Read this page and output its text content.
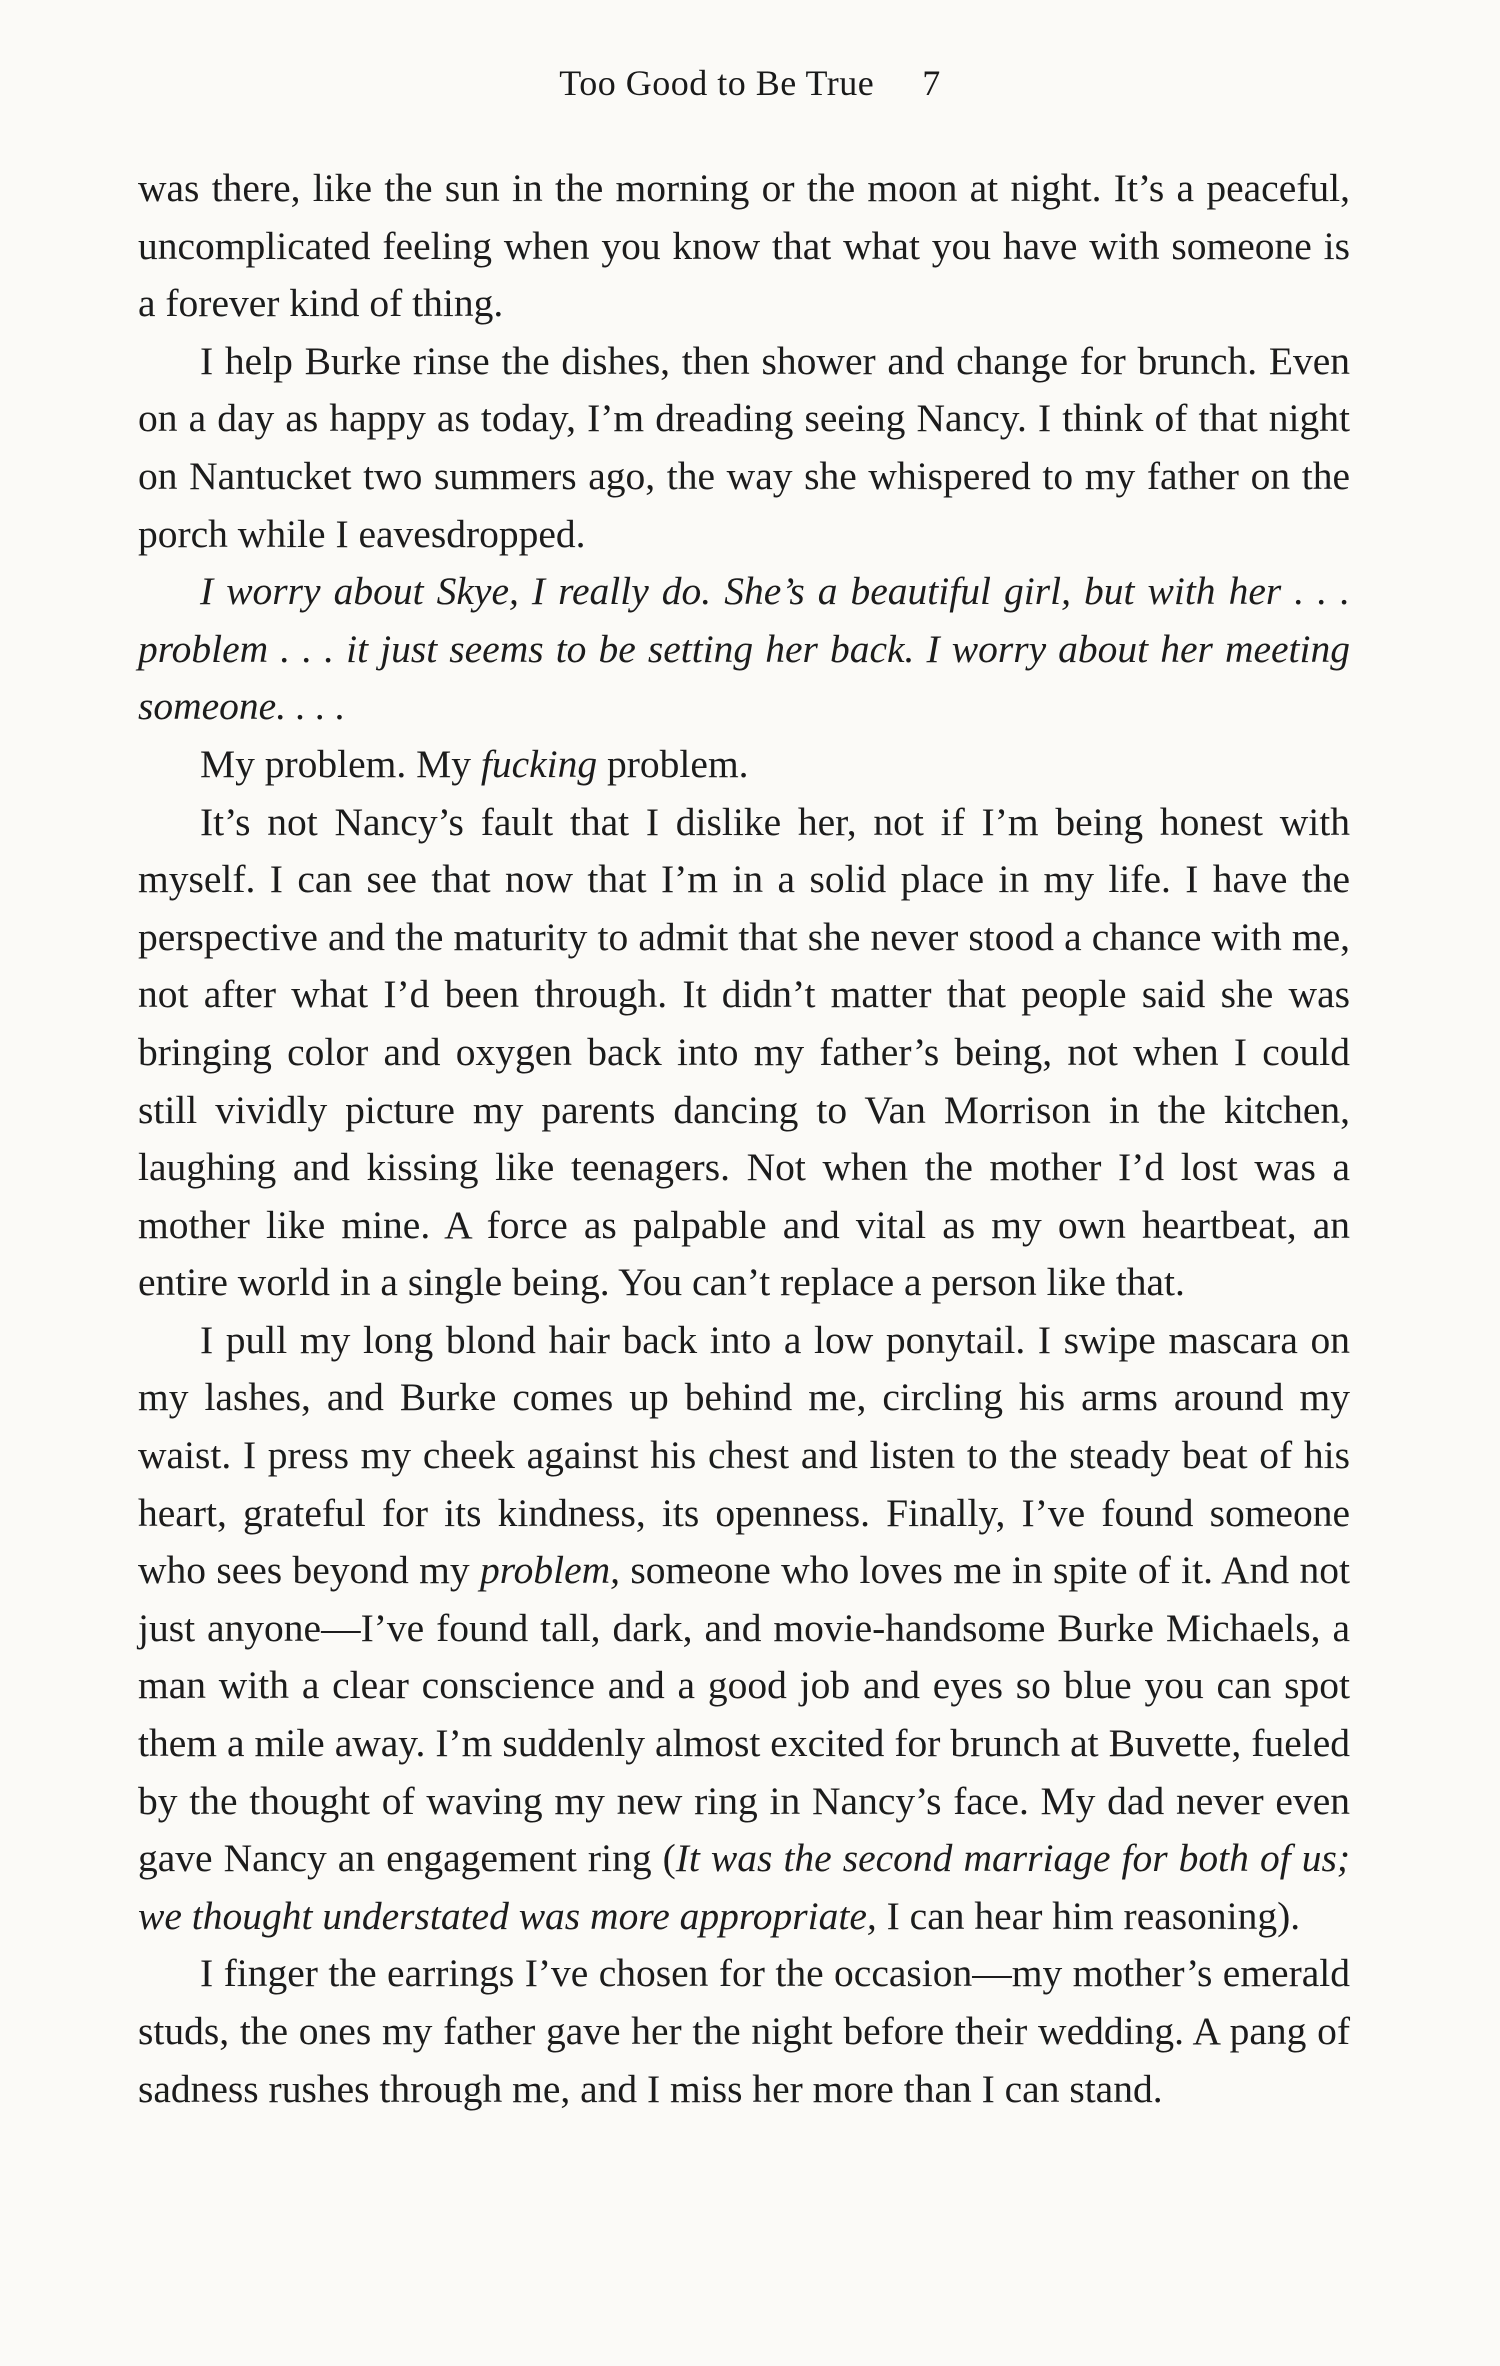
Too Good to Be True 7

was there, like the sun in the morning or the moon at night. It’s a peaceful, uncomplicated feeling when you know that what you have with someone is a forever kind of thing.

I help Burke rinse the dishes, then shower and change for brunch. Even on a day as happy as today, I’m dreading seeing Nancy. I think of that night on Nantucket two summers ago, the way she whispered to my father on the porch while I eavesdropped.

I worry about Skye, I really do. She’s a beautiful girl, but with her . . . problem . . . it just seems to be setting her back. I worry about her meeting someone. . . .

My problem. My fucking problem.

It’s not Nancy’s fault that I dislike her, not if I’m being honest with myself. I can see that now that I’m in a solid place in my life. I have the perspective and the maturity to admit that she never stood a chance with me, not after what I’d been through. It didn’t matter that people said she was bringing color and oxygen back into my father’s being, not when I could still vividly picture my parents dancing to Van Morrison in the kitchen, laughing and kissing like teenagers. Not when the mother I’d lost was a mother like mine. A force as palpable and vital as my own heartbeat, an entire world in a single being. You can’t replace a person like that.

I pull my long blond hair back into a low ponytail. I swipe mascara on my lashes, and Burke comes up behind me, circling his arms around my waist. I press my cheek against his chest and listen to the steady beat of his heart, grateful for its kindness, its openness. Finally, I’ve found someone who sees beyond my problem, someone who loves me in spite of it. And not just anyone—I’ve found tall, dark, and movie-handsome Burke Michaels, a man with a clear conscience and a good job and eyes so blue you can spot them a mile away. I’m suddenly almost excited for brunch at Buvette, fueled by the thought of waving my new ring in Nancy’s face. My dad never even gave Nancy an engagement ring (It was the second marriage for both of us; we thought understated was more appropriate, I can hear him reasoning).

I finger the earrings I’ve chosen for the occasion—my mother’s emerald studs, the ones my father gave her the night before their wedding. A pang of sadness rushes through me, and I miss her more than I can stand.
